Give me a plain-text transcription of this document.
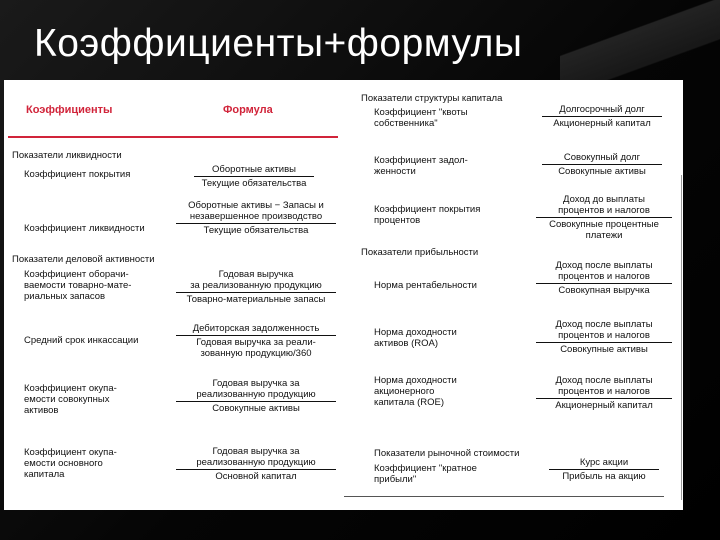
Коэффициенты+формулы
Коэффициенты	Формула
Показатели ликвидности
Коэффициент покрытия	Оборотные активы
Текущие обязательства
Коэффициент ликвидности
Оборотные активы − Запасы и
незавершенное производство
Текущие обязательства
Показатели деловой активности
Коэффициент оборачи-
ваемости товарно-мате-
риальных запасов
Годовая выручка
за реализованную продукцию
Товарно-материальные запасы
Средний срок инкассации
Дебиторская задолженность
Годовая выручка за реали-
зованную продукцию/360
Коэффициент окупа-
емости совокупных
активов
Годовая выручка за
реализованную продукцию
Совокупные активы
Коэффициент окупа-
емости основного
капитала
Годовая выручка за
реализованную продукцию
Основной капитал
Показатели структуры капитала
Коэффициент "квоты
собственника"
Долгосрочный долг
Акционерный капитал
Коэффициент задол-
женности
Совокупный долг
Совокупные активы
Коэффициент покрытия
процентов
Доход до выплаты
процентов и налогов
Совокупные процентные
платежи
Показатели прибыльности
Норма рентабельности
Доход после выплаты
процентов и налогов
Совокупная выручка
Норма доходности
активов (ROA)
Доход после выплаты
процентов и налогов
Совокупные активы
Норма доходности
акционерного
капитала (ROE)
Доход после выплаты
процентов и налогов
Акционерный капитал
Показатели рыночной стоимости
Коэффициент "кратное
прибыли"
Курс акции
Прибыль на акцию
